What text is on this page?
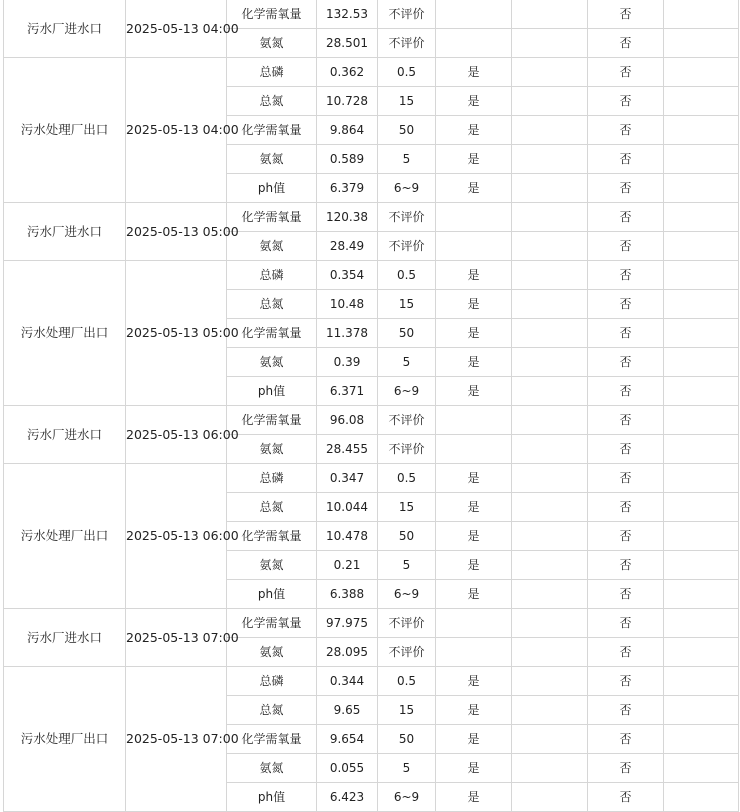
污水厂进水口	2025-05-13 04:00	化学需氧量	132.53	不评价			否	
		氨氮	28.501	不评价			否	
污水处理厂出口	2025-05-13 04:00	总磷	0.362	0.5	是		否	
		总氮	10.728	15	是		否	
		化学需氧量	9.864	50	是		否	
		氨氮	0.589	5	是		否	
		ph值	6.379	6~9	是		否	
污水厂进水口	2025-05-13 05:00	化学需氧量	120.38	不评价			否	
		氨氮	28.49	不评价			否	
污水处理厂出口	2025-05-13 05:00	总磷	0.354	0.5	是		否	
		总氮	10.48	15	是		否	
		化学需氧量	11.378	50	是		否	
		氨氮	0.39	5	是		否	
		ph值	6.371	6~9	是		否	
污水厂进水口	2025-05-13 06:00	化学需氧量	96.08	不评价			否	
		氨氮	28.455	不评价			否	
污水处理厂出口	2025-05-13 06:00	总磷	0.347	0.5	是		否	
		总氮	10.044	15	是		否	
		化学需氧量	10.478	50	是		否	
		氨氮	0.21	5	是		否	
		ph值	6.388	6~9	是		否	
污水厂进水口	2025-05-13 07:00	化学需氧量	97.975	不评价			否	
		氨氮	28.095	不评价			否	
污水处理厂出口	2025-05-13 07:00	总磷	0.344	0.5	是		否	
		总氮	9.65	15	是		否	
		化学需氧量	9.654	50	是		否	
		氨氮	0.055	5	是		否	
		ph值	6.423	6~9	是		否	
